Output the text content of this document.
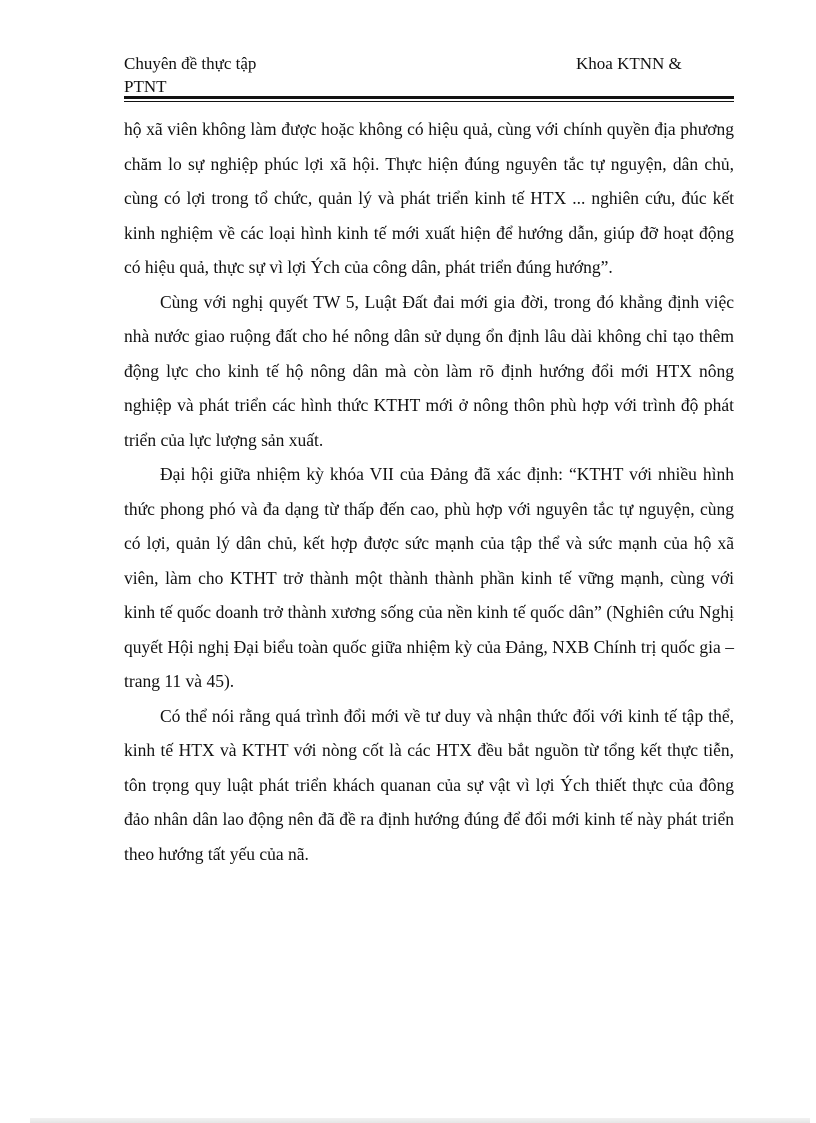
Chuyên đề thực tập	Khoa KTNN &
PTNT

hộ xã viên không làm được hoặc không có hiệu quả, cùng với chính quyền địa phương chăm lo sự nghiệp phúc lợi xã hội. Thực hiện đúng nguyên tắc tự nguyện, dân chủ, cùng có lợi trong tổ chức, quản lý và phát triển kinh tế HTX ... nghiên cứu, đúc kết kinh nghiệm về các loại hình kinh tế mới xuất hiện để hướng dẫn, giúp đỡ hoạt động có hiệu quả, thực sự vì lợi Ých của công dân, phát triển đúng hướng”.

Cùng với nghị quyết TW 5, Luật Đất đai mới gia đời, trong đó khẳng định việc nhà nước giao ruộng đất cho hé nông dân sử dụng ổn định lâu dài không chỉ tạo thêm động lực cho kinh tế hộ nông dân mà còn làm rõ định hướng đổi mới HTX nông nghiệp và phát triển các hình thức KTHT mới ở nông thôn phù hợp với trình độ phát triển của lực lượng sản xuất.

Đại hội giữa nhiệm kỳ khóa VII của Đảng đã xác định: “KTHT với nhiều hình thức phong phó và đa dạng từ thấp đến cao, phù hợp với nguyên tắc tự nguyện, cùng có lợi, quản lý dân chủ, kết hợp được sức mạnh của tập thể và sức mạnh của hộ xã viên, làm cho KTHT trở thành một thành thành phần kinh tế vững mạnh, cùng với kinh tế quốc doanh trở thành xương sống của nền kinh tế quốc dân” (Nghiên cứu Nghị quyết Hội nghị Đại biểu toàn quốc giữa nhiệm kỳ của Đảng, NXB Chính trị quốc gia – trang 11 và 45).

Có thể nói rằng quá trình đổi mới về tư duy và nhận thức đối với kinh tế tập thể, kinh tế HTX và KTHT với nòng cốt là các HTX đều bắt nguồn từ tổng kết thực tiễn, tôn trọng quy luật phát triển khách quanan của sự vật vì lợi Ých thiết thực của đông đảo nhân dân lao động nên đã đề ra định hướng đúng để đổi mới kinh tế này phát triển theo hướng tất yếu của nã.
